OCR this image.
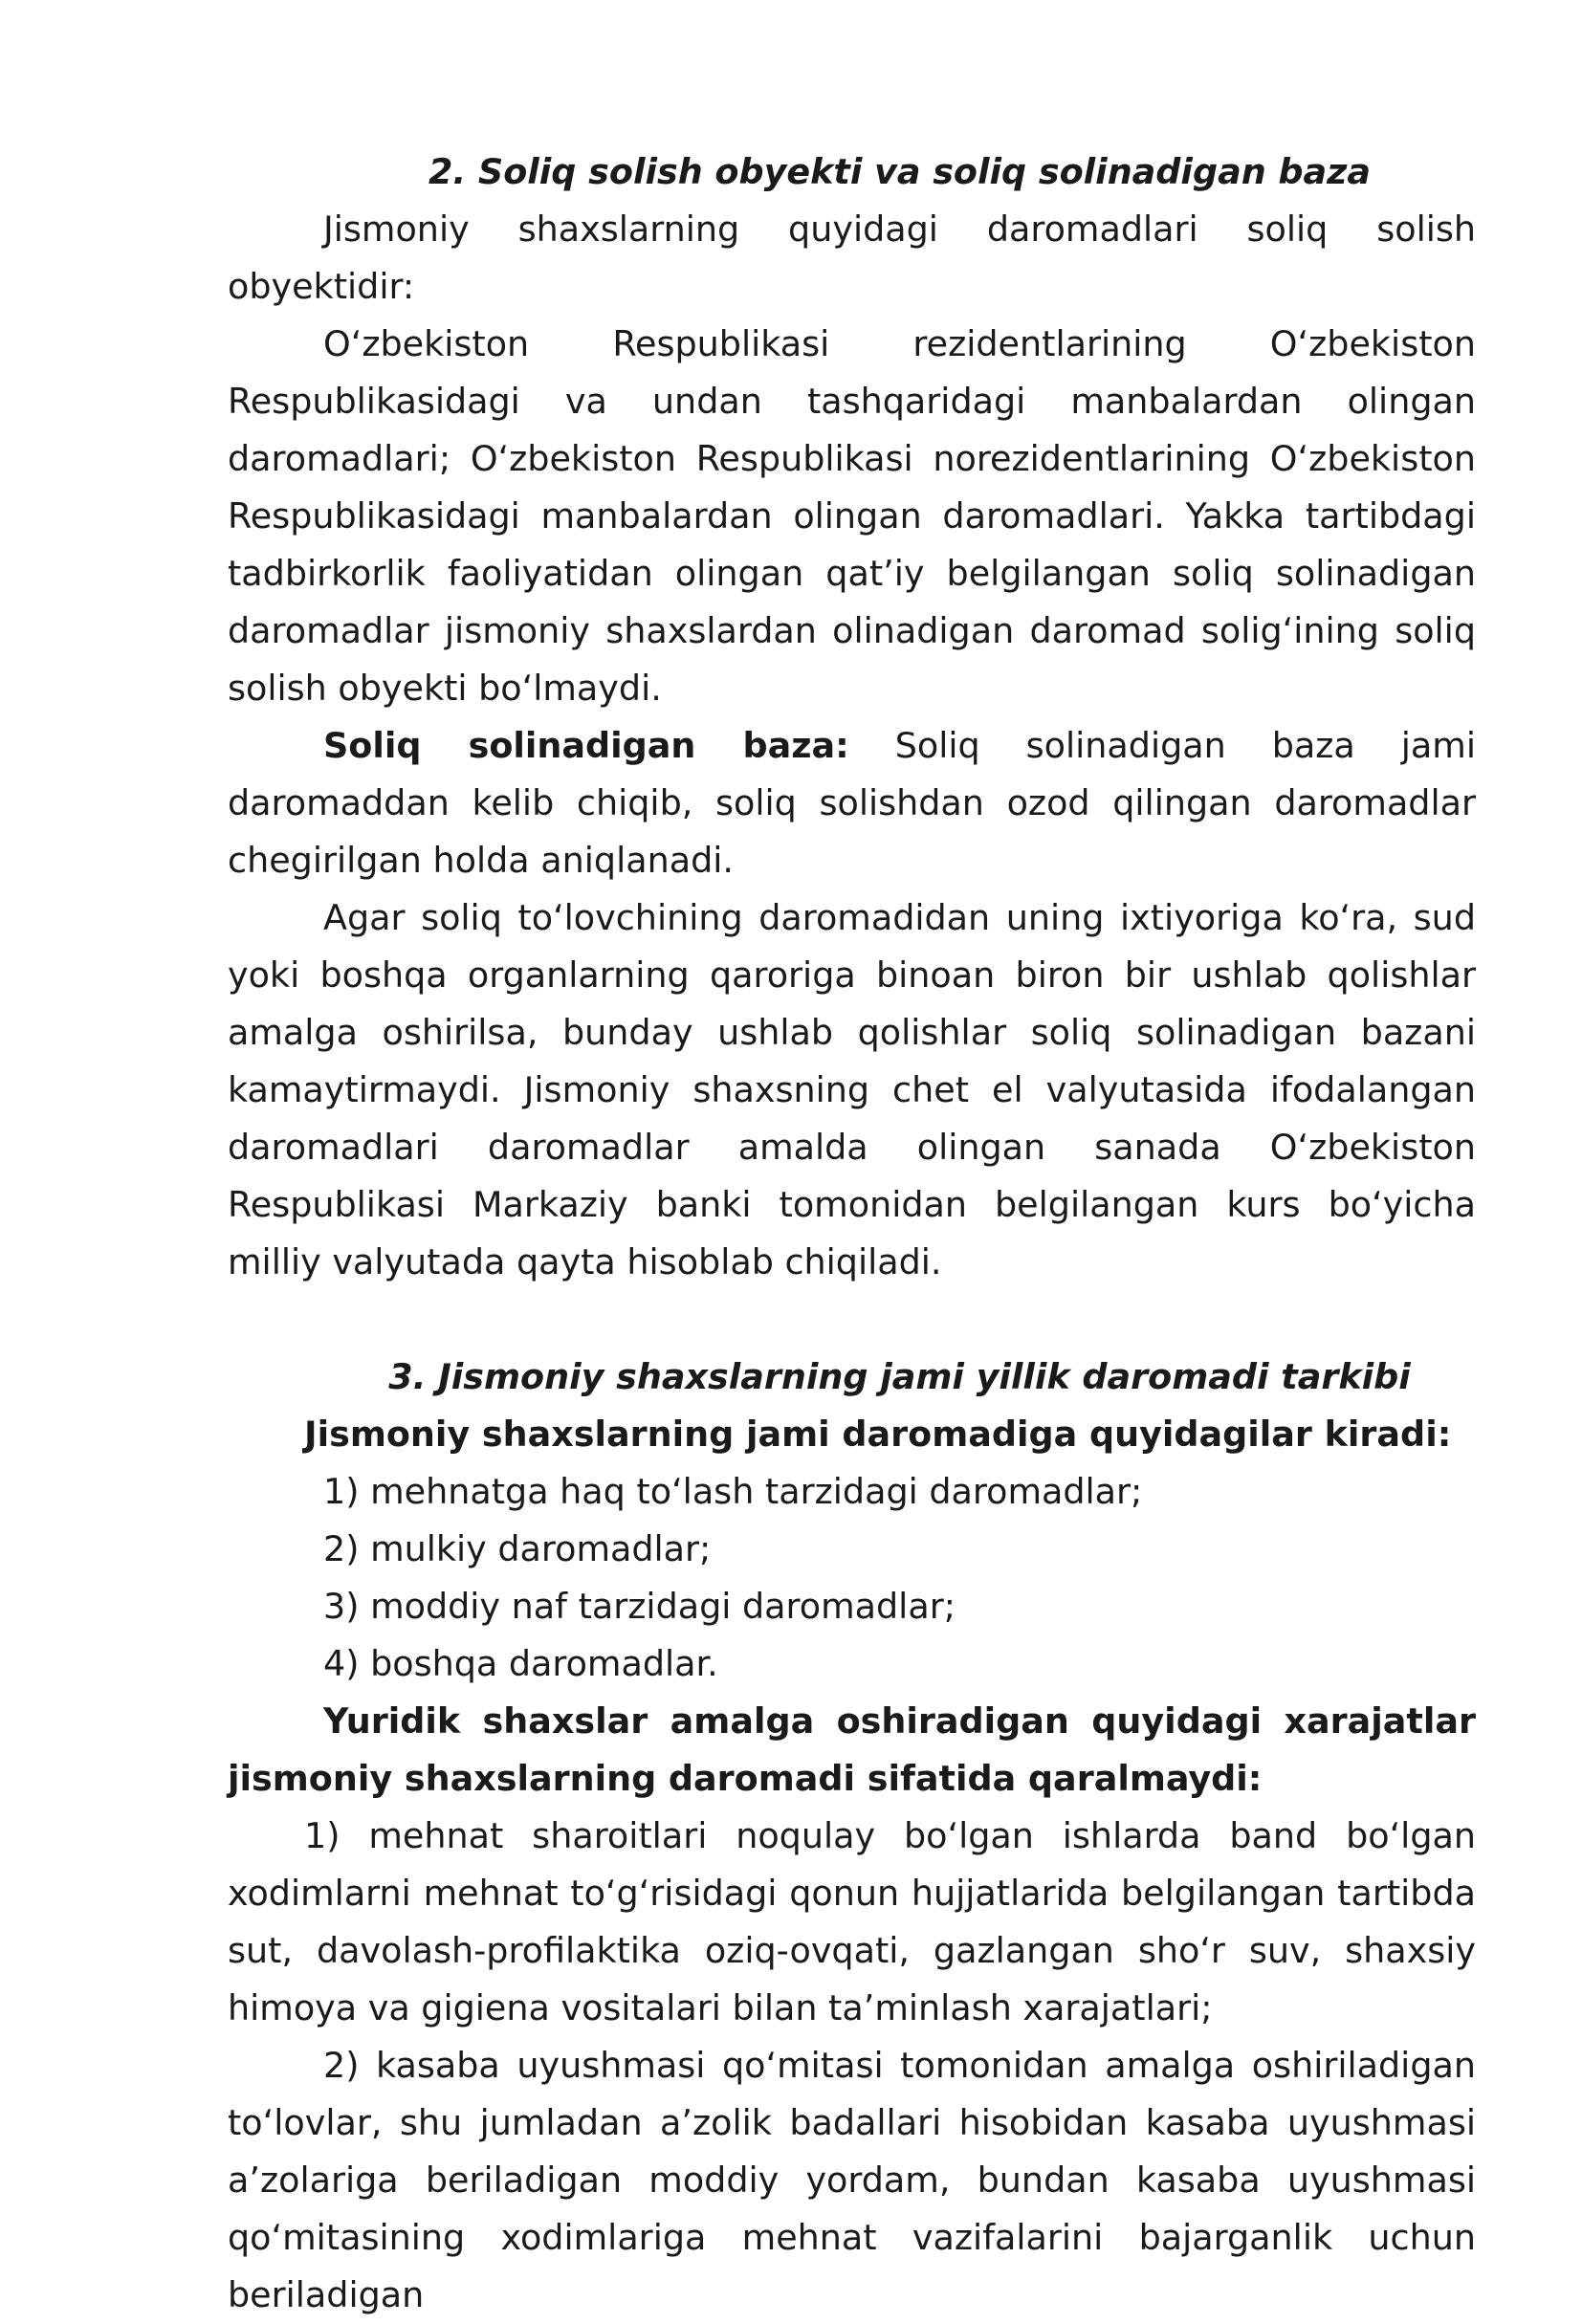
2. Soliq solish obyekti va soliq solinadigan baza

Jismoniy shaxslarning quyidagi daromadlari soliq solish obyektidir:

O‘zbekiston Respublikasi rezidentlarining O‘zbekiston Respublikasidagi va undan tashqaridagi manbalardan olingan daromadlari; O‘zbekiston Respublikasi norezidentlarining O‘zbekiston Respublikasidagi manbalardan olingan daromadlari. Yakka tartibdagi tadbirkorlik faoliyatidan olingan qat’iy belgilangan soliq solinadigan daromadlar jismoniy shaxslardan olinadigan daromad solig‘ining soliq solish obyekti bo‘lmaydi.

Soliq solinadigan baza: Soliq solinadigan baza jami daromaddan kelib chiqib, soliq solishdan ozod qilingan daromadlar chegirilgan holda aniqlanadi.

Agar soliq to‘lovchining daromadidan uning ixtiyoriga ko‘ra, sud yoki boshqa organlarning qaroriga binoan biron bir ushlab qolishlar amalga oshirilsa, bunday ushlab qolishlar soliq solinadigan bazani kamaytirmaydi. Jismoniy shaxsning chet el valyutasida ifodalangan daromadlari daromadlar amalda olingan sanada O‘zbekiston Respublikasi Markaziy banki tomonidan belgilangan kurs bo‘yicha milliy valyutada qayta hisoblab chiqiladi.

3. Jismoniy shaxslarning jami yillik daromadi tarkibi

Jismoniy shaxslarning jami daromadiga quyidagilar kiradi:

1) mehnatga haq to‘lash tarzidagi daromadlar;

2) mulkiy daromadlar;

3) moddiy naf tarzidagi daromadlar;

4) boshqa daromadlar.

Yuridik shaxslar amalga oshiradigan quyidagi xarajatlar jismoniy shaxslarning daromadi sifatida qaralmaydi:

1) mehnat sharoitlari noqulay bo‘lgan ishlarda band bo‘lgan xodimlarni mehnat to‘g‘risidagi qonun hujjatlarida belgilangan tartibda sut, davolash-profilaktika oziq-ovqati, gazlangan sho‘r suv, shaxsiy himoya va gigiena vositalari bilan ta’minlash xarajatlari;

2) kasaba uyushmasi qo‘mitasi tomonidan amalga oshiriladigan to‘lovlar, shu jumladan a’zolik badallari hisobidan kasaba uyushmasi a’zolariga beriladigan moddiy yordam, bundan kasaba uyushmasi qo‘mitasining xodimlariga mehnat vazifalarini bajarganlik uchun beriladigan
